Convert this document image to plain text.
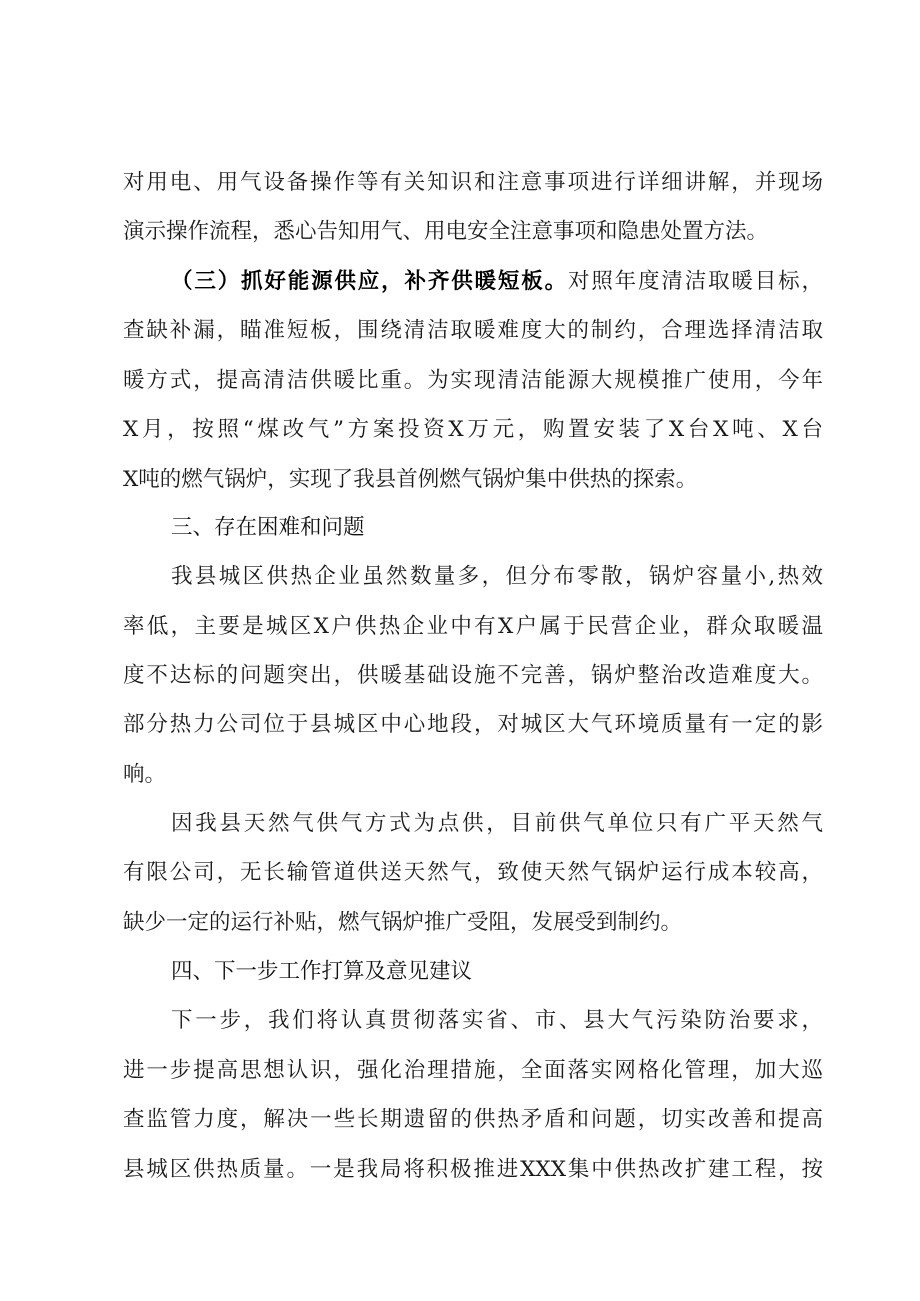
对用电、用气设备操作等有关知识和注意事项进行详细讲解，并现场

演示操作流程，悉心告知用气、用电安全注意事项和隐患处置方法。

（三）抓好能源供应，补齐供暖短板。对照年度清洁取暖目标，

查缺补漏，瞄准短板，围绕清洁取暖难度大的制约，合理选择清洁取

暖方式，提高清洁供暖比重。为实现清洁能源大规模推广使用，今年

X月，按照“煤改气”方案投资X万元，购置安装了X台X吨、X台

X吨的燃气锅炉，实现了我县首例燃气锅炉集中供热的探索。

三、存在困难和问题

我县城区供热企业虽然数量多，但分布零散，锅炉容量小,热效

率低，主要是城区X户供热企业中有X户属于民营企业，群众取暖温

度不达标的问题突出，供暖基础设施不完善，锅炉整治改造难度大。

部分热力公司位于县城区中心地段，对城区大气环境质量有一定的影

响。

因我县天然气供气方式为点供，目前供气单位只有广平天然气

有限公司，无长输管道供送天然气，致使天然气锅炉运行成本较高，

缺少一定的运行补贴，燃气锅炉推广受阻，发展受到制约。

四、下一步工作打算及意见建议

下一步，我们将认真贯彻落实省、市、县大气污染防治要求，

进一步提高思想认识，强化治理措施，全面落实网格化管理，加大巡

查监管力度，解决一些长期遗留的供热矛盾和问题，切实改善和提高

县城区供热质量。一是我局将积极推进XXX集中供热改扩建工程，按
